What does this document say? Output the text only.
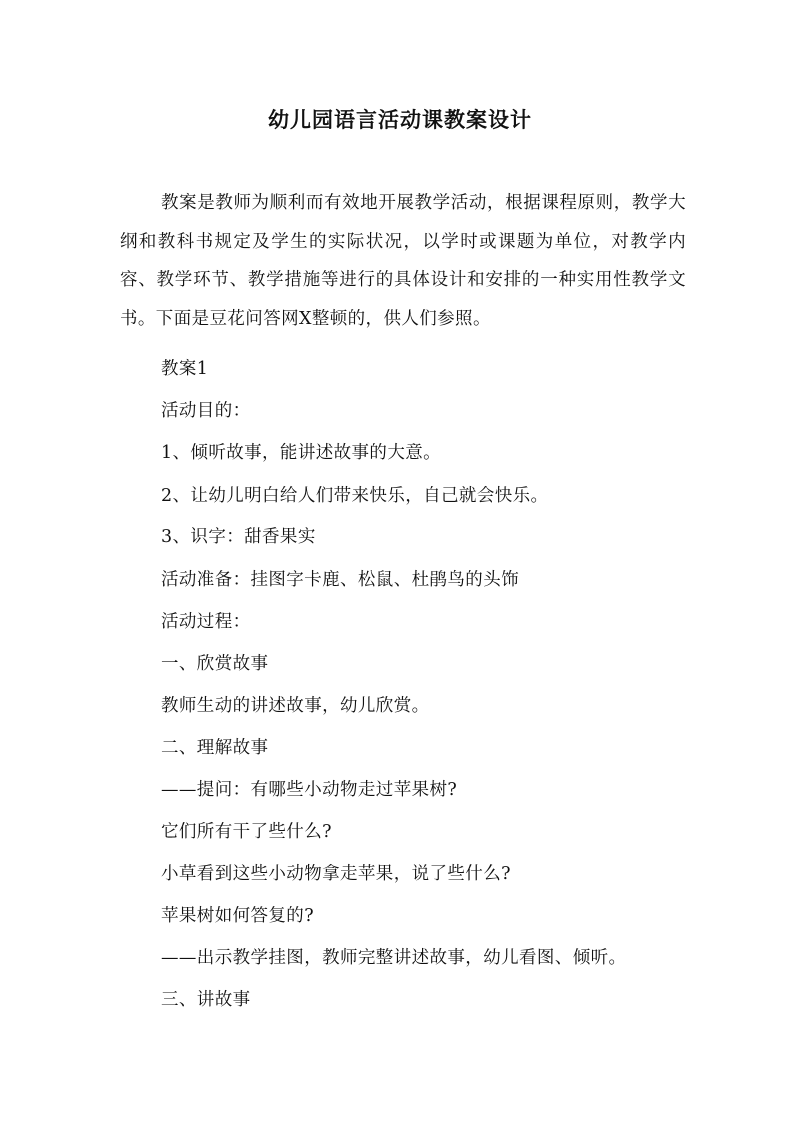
幼儿园语言活动课教案设计

教案是教师为顺利而有效地开展教学活动，根据课程原则，教学大纲和教科书规定及学生的实际状况，以学时或课题为单位，对教学内容、教学环节、教学措施等进行的具体设计和安排的一种实用性教学文书。下面是豆花问答网X整顿的，供人们参照。

教案1

活动目的：

1、倾听故事，能讲述故事的大意。

2、让幼儿明白给人们带来快乐，自己就会快乐。

3、识字：甜香果实

活动准备：挂图字卡鹿、松鼠、杜鹃鸟的头饰

活动过程：

一、欣赏故事

教师生动的讲述故事，幼儿欣赏。

二、理解故事

——提问：有哪些小动物走过苹果树?

它们所有干了些什么?

小草看到这些小动物拿走苹果，说了些什么?

苹果树如何答复的?

——出示教学挂图，教师完整讲述故事，幼儿看图、倾听。

三、讲故事
